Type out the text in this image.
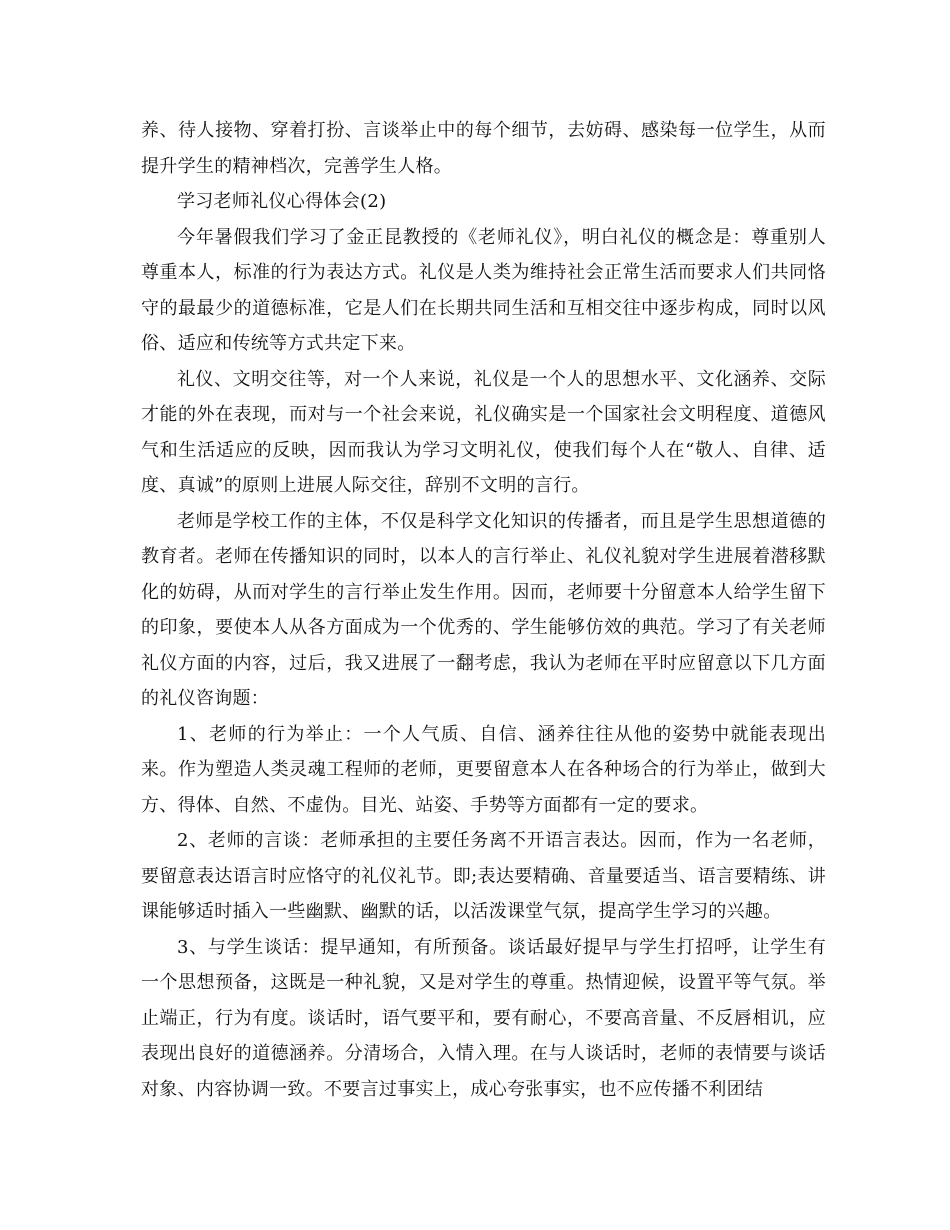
养、待人接物、穿着打扮、言谈举止中的每个细节，去妨碍、感染每一位学生，从而提升学生的精神档次，完善学生人格。

学习老师礼仪心得体会(2)

今年暑假我们学习了金正昆教授的《老师礼仪》，明白礼仪的概念是：尊重别人尊重本人，标准的行为表达方式。礼仪是人类为维持社会正常生活而要求人们共同恪守的最最少的道德标准，它是人们在长期共同生活和互相交往中逐步构成，同时以风俗、适应和传统等方式共定下来。

礼仪、文明交往等，对一个人来说，礼仪是一个人的思想水平、文化涵养、交际才能的外在表现，而对与一个社会来说，礼仪确实是一个国家社会文明程度、道德风气和生活适应的反映，因而我认为学习文明礼仪，使我们每个人在“敬人、自律、适度、真诚”的原则上进展人际交往，辞别不文明的言行。

老师是学校工作的主体，不仅是科学文化知识的传播者，而且是学生思想道德的教育者。老师在传播知识的同时，以本人的言行举止、礼仪礼貌对学生进展着潜移默化的妨碍，从而对学生的言行举止发生作用。因而，老师要十分留意本人给学生留下的印象，要使本人从各方面成为一个优秀的、学生能够仿效的典范。学习了有关老师礼仪方面的内容，过后，我又进展了一翻考虑，我认为老师在平时应留意以下几方面的礼仪咨询题：

1、老师的行为举止：一个人气质、自信、涵养往往从他的姿势中就能表现出来。作为塑造人类灵魂工程师的老师，更要留意本人在各种场合的行为举止，做到大方、得体、自然、不虚伪。目光、站姿、手势等方面都有一定的要求。

2、老师的言谈：老师承担的主要任务离不开语言表达。因而，作为一名老师，要留意表达语言时应恪守的礼仪礼节。即;表达要精确、音量要适当、语言要精练、讲课能够适时插入一些幽默、幽默的话，以活泼课堂气氛，提高学生学习的兴趣。

3、与学生谈话：提早通知，有所预备。谈话最好提早与学生打招呼，让学生有一个思想预备，这既是一种礼貌，又是对学生的尊重。热情迎候，设置平等气氛。举止端正，行为有度。谈话时，语气要平和，要有耐心，不要高音量、不反唇相讥，应表现出良好的道德涵养。分清场合，入情入理。在与人谈话时，老师的表情要与谈话对象、内容协调一致。不要言过事实上，成心夸张事实，也不应传播不利团结
